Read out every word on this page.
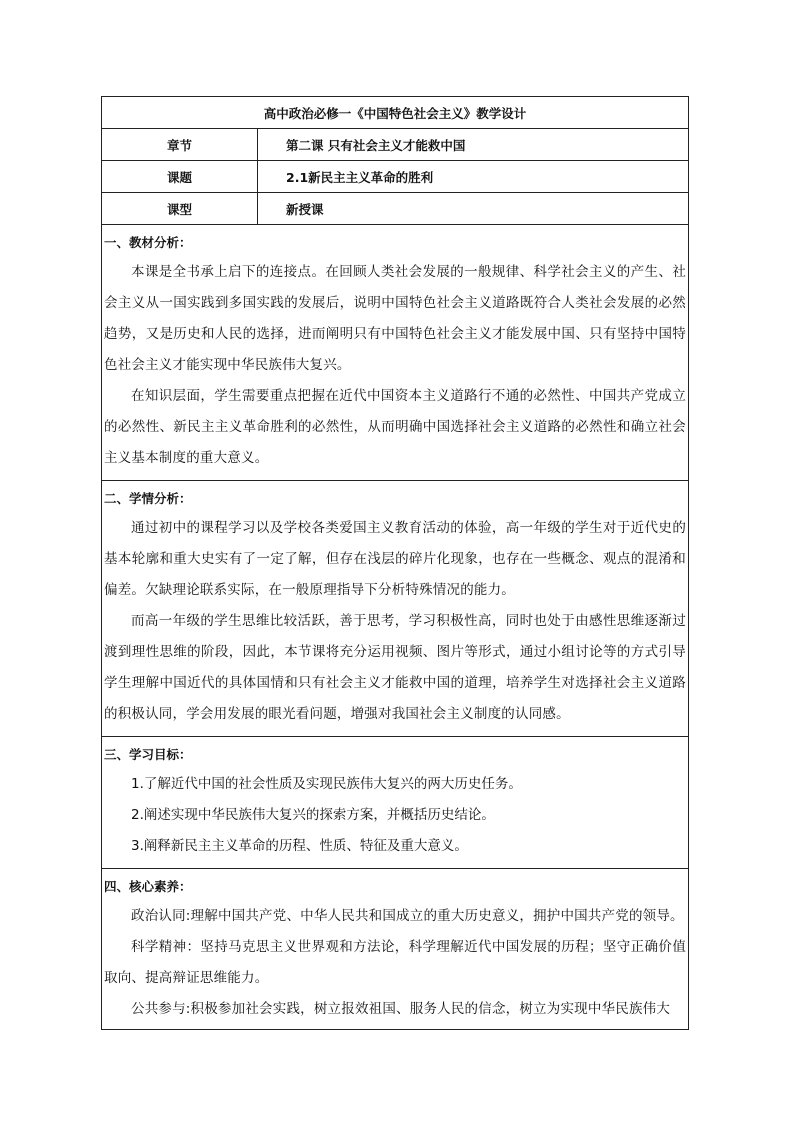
高中政治必修一《中国特色社会主义》教学设计	
章节	第二课 只有社会主义才能救中国
课题	2.1新民主主义革命的胜利
课型	新授课

一、教材分析：

本课是全书承上启下的连接点。在回顾人类社会发展的一般规律、科学社会主义的产生、社会主义从一国实践到多国实践的发展后，说明中国特色社会主义道路既符合人类社会发展的必然趋势，又是历史和人民的选择，进而阐明只有中国特色社会主义才能发展中国、只有坚持中国特色社会主义才能实现中华民族伟大复兴。

在知识层面，学生需要重点把握在近代中国资本主义道路行不通的必然性、中国共产党成立的必然性、新民主主义革命胜利的必然性，从而明确中国选择社会主义道路的必然性和确立社会主义基本制度的重大意义。	

二、学情分析：

通过初中的课程学习以及学校各类爱国主义教育活动的体验，高一年级的学生对于近代史的基本轮廓和重大史实有了一定了解，但存在浅层的碎片化现象，也存在一些概念、观点的混淆和偏差。欠缺理论联系实际，在一般原理指导下分析特殊情况的能力。

而高一年级的学生思维比较活跃，善于思考，学习积极性高，同时也处于由感性思维逐渐过渡到理性思维的阶段，因此，本节课将充分运用视频、图片等形式，通过小组讨论等的方式引导学生理解中国近代的具体国情和只有社会主义才能救中国的道理，培养学生对选择社会主义道路的积极认同，学会用发展的眼光看问题，增强对我国社会主义制度的认同感。	

三、学习目标：

1.了解近代中国的社会性质及实现民族伟大复兴的两大历史任务。

2.阐述实现中华民族伟大复兴的探索方案，并概括历史结论。

3.阐释新民主主义革命的历程、性质、特征及重大意义。	

四、核心素养：

政治认同:理解中国共产党、中华人民共和国成立的重大历史意义，拥护中国共产党的领导。

科学精神：坚持马克思主义世界观和方法论，科学理解近代中国发展的历程；坚守正确价值取向、提高辩证思维能力。

公共参与:积极参加社会实践，树立报效祖国、服务人民的信念，树立为实现中华民族伟大	
